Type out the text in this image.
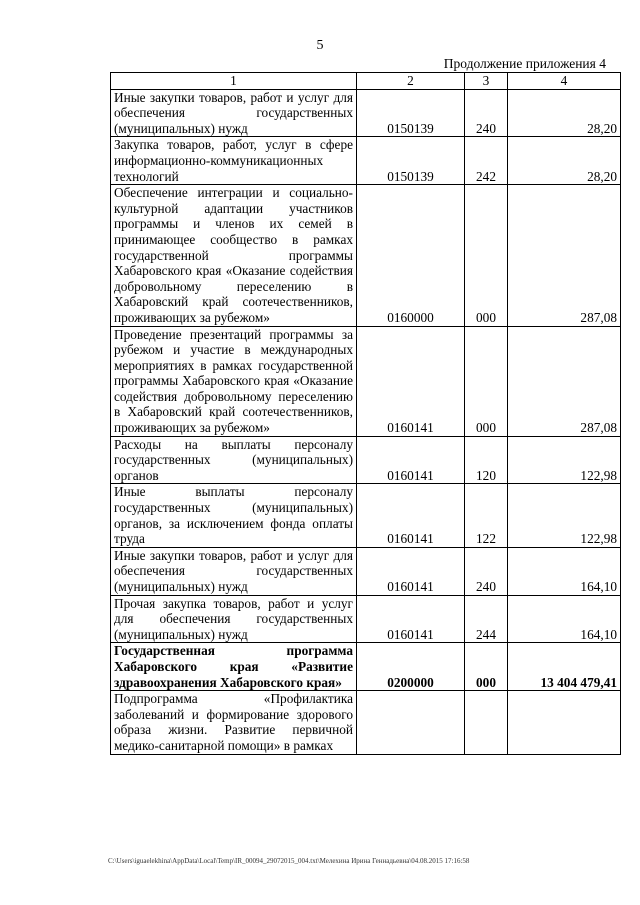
5
Продолжение приложения 4
1	2	3	4
Иные закупки товаров, работ и услуг для обеспечения государственных (муниципальных) нужд	0150139	240	28,20
Закупка товаров, работ, услуг в сфере информационно-коммуникационных технологий	0150139	242	28,20
Обеспечение интеграции и социально-культурной адаптации участников программы и членов их семей в принимающее сообщество в рамках государственной программы Хабаровского края «Оказание содействия добровольному переселению в Хабаровский край соотечественников, проживающих за рубежом»	0160000	000	287,08
Проведение презентаций программы за рубежом и участие в международных мероприятиях в рамках государственной программы Хабаровского края «Оказание содействия добровольному переселению в Хабаровский край соотечественников, проживающих за рубежом»	0160141	000	287,08
Расходы на выплаты персоналу государственных (муниципальных) органов	0160141	120	122,98
Иные выплаты персоналу государственных (муниципальных) органов, за исключением фонда оплаты труда	0160141	122	122,98
Иные закупки товаров, работ и услуг для обеспечения государственных (муниципальных) нужд	0160141	240	164,10
Прочая закупка товаров, работ и услуг для обеспечения государственных (муниципальных) нужд	0160141	244	164,10
Государственная программа Хабаровского края «Развитие здравоохранения Хабаровского края»	0200000	000	13 404 479,41
Подпрограмма «Профилактика заболеваний и формирование здорового образа жизни. Развитие первичной медико-санитарной помощи» в рамках			
C:\Users\iguaelekhina\AppData\Local\Temp\IR_00094_29072015_004.txt\Мелехина Ирина Геннадьевна\04.08.2015 17:16:58
